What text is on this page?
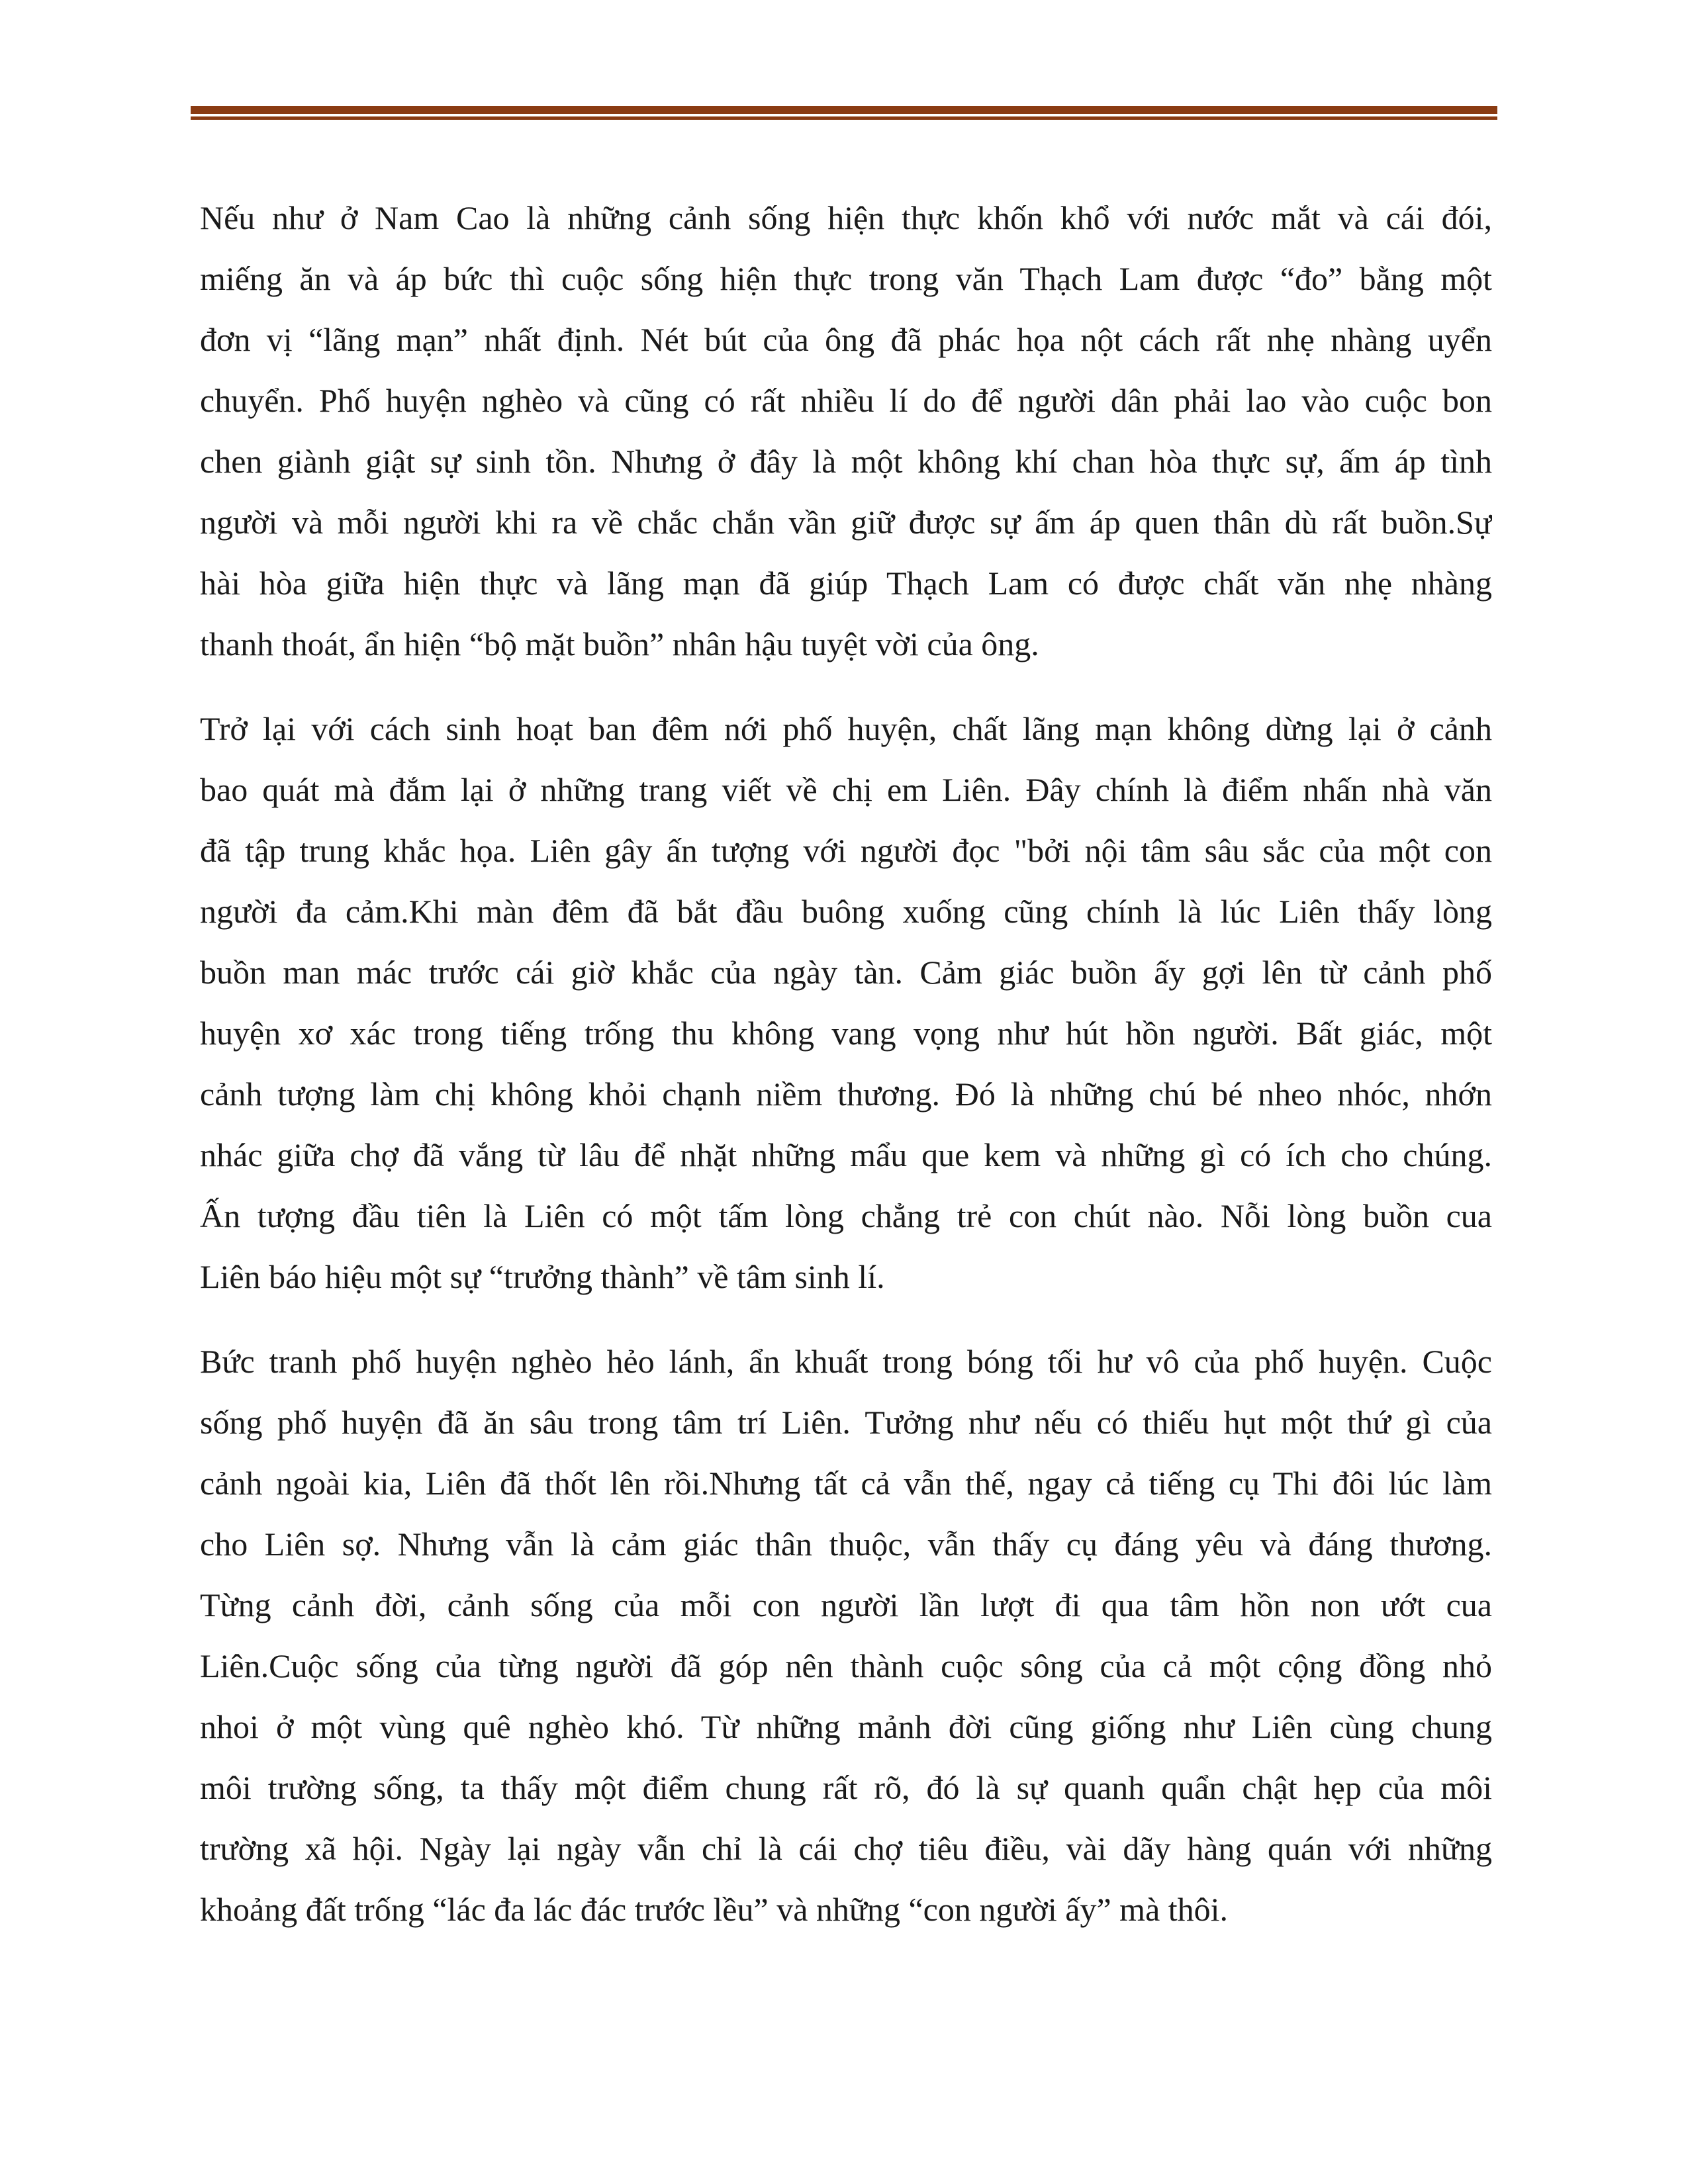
Nếu như ở Nam Cao là những cảnh sống hiện thực khốn khổ với nước mắt và cái đói,
miếng ăn và áp bức thì cuộc sống hiện thực trong văn Thạch Lam được “đo” bằng một
đơn vị “lãng mạn” nhất định. Nét bút của ông đã phác họa nột cách rất nhẹ nhàng uyển
chuyển. Phố huyện nghèo và cũng có rất nhiều lí do để người dân phải lao vào cuộc bon
chen giành giật sự sinh tồn. Nhưng ở đây là một không khí chan hòa thực sự, ấm áp tình
người và mỗi người khi ra về chắc chắn vần giữ được sự ấm áp quen thân dù rất buồn.Sự
hài hòa giữa hiện thực và lãng mạn đã giúp Thạch Lam có được chất văn nhẹ nhàng
thanh thoát, ẩn hiện “bộ mặt buồn” nhân hậu tuyệt vời của ông.

Trở lại với cách sinh hoạt ban đêm nới phố huyện, chất lãng mạn không dừng lại ở cảnh
bao quát mà đắm lại ở những trang viết về chị em Liên. Đây chính là điểm nhấn nhà văn
đã tập trung khắc họa. Liên gây ấn tượng với người đọc "bởi nội tâm sâu sắc của một con
người đa cảm.Khi màn đêm đã bắt đầu buông xuống cũng chính là lúc Liên thấy lòng
buồn man mác trước cái giờ khắc của ngày tàn. Cảm giác buồn ấy gợi lên từ cảnh phố
huyện xơ xác trong tiếng trống thu không vang vọng như hút hồn người. Bất giác, một
cảnh tượng làm chị không khỏi chạnh niềm thương. Đó là những chú bé nheo nhóc, nhớn
nhác giữa chợ đã vắng từ lâu để nhặt những mẩu que kem và những gì có ích cho chúng.
Ấn tượng đầu tiên là Liên có một tấm lòng chẳng trẻ con chút nào. Nỗi lòng buồn cua
Liên báo hiệu một sự “trưởng thành” về tâm sinh lí.

Bức tranh phố huyện nghèo hẻo lánh, ẩn khuất trong bóng tối hư vô của phố huyện. Cuộc
sống phố huyện đã ăn sâu trong tâm trí Liên. Tưởng như nếu có thiếu hụt một thứ gì của
cảnh ngoài kia, Liên đã thốt lên rồi.Nhưng tất cả vẫn thế, ngay cả tiếng cụ Thi đôi lúc làm
cho Liên sợ. Nhưng vẫn là cảm giác thân thuộc, vẫn thấy cụ đáng yêu và đáng thương.
Từng cảnh đời, cảnh sống của mỗi con người lần lượt đi qua tâm hồn non ướt cua
Liên.Cuộc sống của từng người đã góp nên thành cuộc sông của cả một cộng đồng nhỏ
nhoi ở một vùng quê nghèo khó. Từ những mảnh đời cũng giống như Liên cùng chung
môi trường sống, ta thấy một điểm chung rất rõ, đó là sự quanh quẩn chật hẹp của môi
trường xã hội. Ngày lại ngày vẫn chỉ là cái chợ tiêu điều, vài dãy hàng quán với những
khoảng đất trống “lác đa lác đác trước lều” và những “con người ấy” mà thôi.
